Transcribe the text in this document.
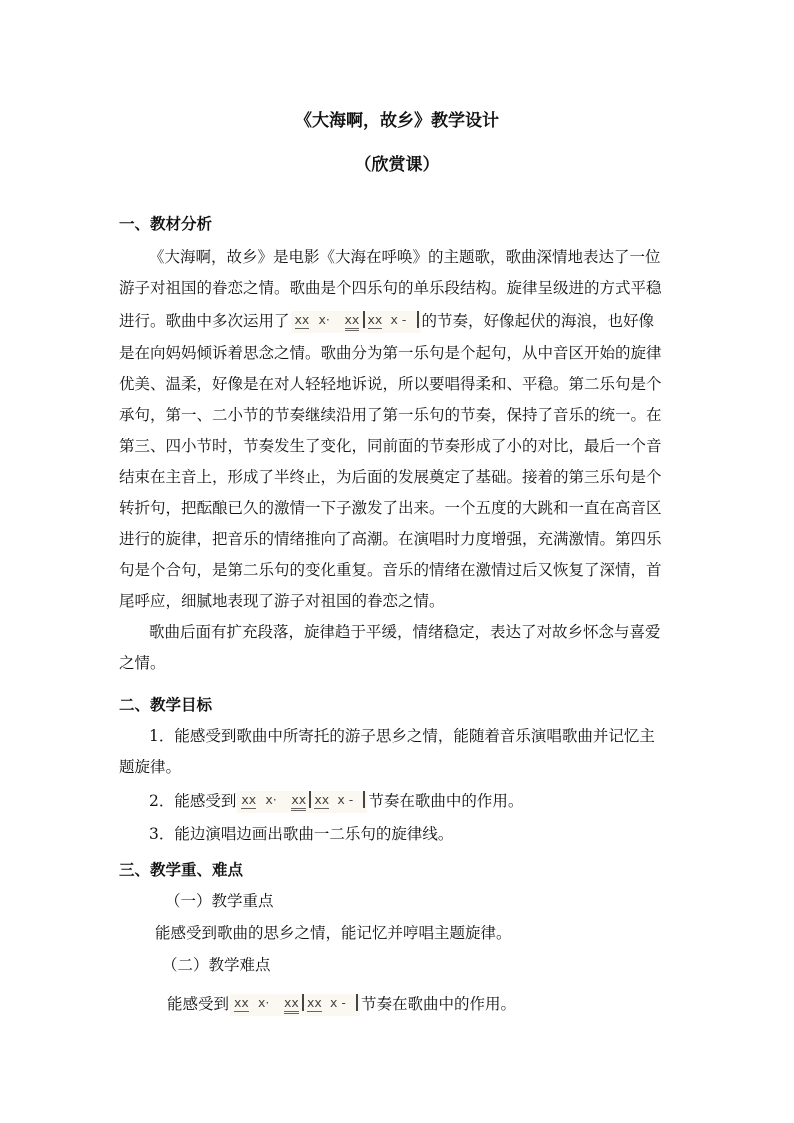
《大海啊，故乡》教学设计
（欣赏课）
一、教材分析
《大海啊，故乡》是电影《大海在呼唤》的主题歌，歌曲深情地表达了一位
游子对祖国的眷恋之情。歌曲是个四乐句的单乐段结构。旋律呈级进的方式平稳
进行。歌曲中多次运用了 xx x· xx xx x - 的节奏，好像起伏的海浪，也好像
是在向妈妈倾诉着思念之情。歌曲分为第一乐句是个起句，从中音区开始的旋律
优美、温柔，好像是在对人轻轻地诉说，所以要唱得柔和、平稳。第二乐句是个
承句，第一、二小节的节奏继续沿用了第一乐句的节奏，保持了音乐的统一。在
第三、四小节时，节奏发生了变化，同前面的节奏形成了小的对比，最后一个音
结束在主音上，形成了半终止，为后面的发展奠定了基础。接着的第三乐句是个
转折句，把酝酿已久的激情一下子激发了出来。一个五度的大跳和一直在高音区
进行的旋律，把音乐的情绪推向了高潮。在演唱时力度增强，充满激情。第四乐
句是个合句，是第二乐句的变化重复。音乐的情绪在激情过后又恢复了深情，首
尾呼应，细腻地表现了游子对祖国的眷恋之情。
歌曲后面有扩充段落，旋律趋于平缓，情绪稳定，表达了对故乡怀念与喜爱
之情。
二、教学目标
1．能感受到歌曲中所寄托的游子思乡之情，能随着音乐演唱歌曲并记忆主
题旋律。
2．能感受到 xx x· xx xx x - 节奏在歌曲中的作用。
3．能边演唱边画出歌曲一二乐句的旋律线。
三、教学重、难点
（一）教学重点
能感受到歌曲的思乡之情，能记忆并哼唱主题旋律。
（二）教学难点
能感受到 xx x· xx xx x - 节奏在歌曲中的作用。
